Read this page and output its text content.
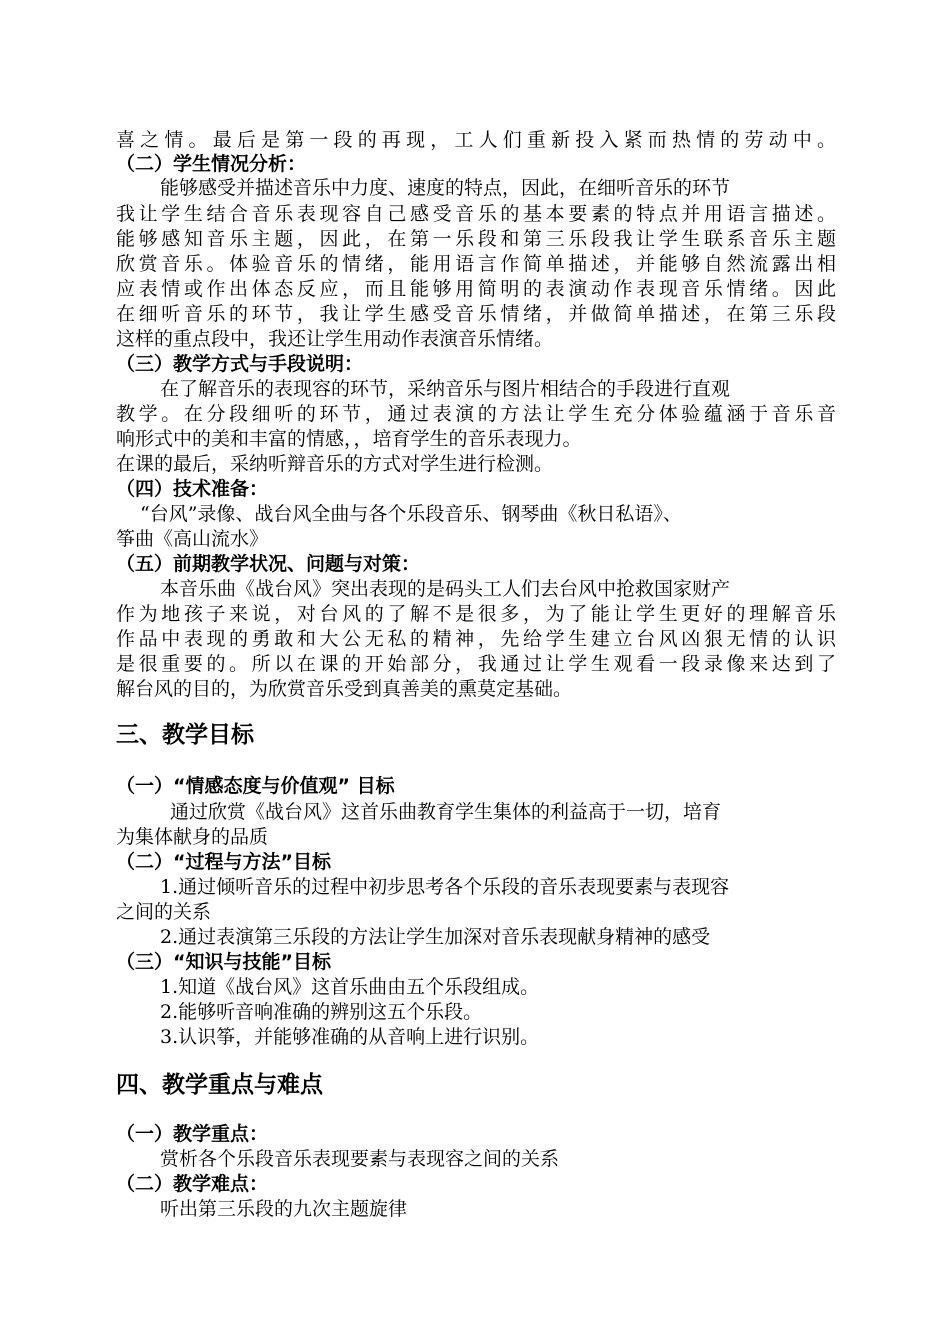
喜之情。最后是第一段的再现，工人们重新投入紧而热情的劳动中。
（二）学生情况分析：
能够感受并描述音乐中力度、速度的特点，因此，在细听音乐的环节
我让学生结合音乐表现容自己感受音乐的基本要素的特点并用语言描述。
能够感知音乐主题，因此，在第一乐段和第三乐段我让学生联系音乐主题
欣赏音乐。体验音乐的情绪，能用语言作简单描述，并能够自然流露出相
应表情或作出体态反应，而且能够用简明的表演动作表现音乐情绪。因此
在细听音乐的环节，我让学生感受音乐情绪，并做简单描述，在第三乐段
这样的重点段中，我还让学生用动作表演音乐情绪。
（三）教学方式与手段说明：
在了解音乐的表现容的环节，采纳音乐与图片相结合的手段进行直观
教学。在分段细听的环节，通过表演的方法让学生充分体验蕴涵于音乐音
响形式中的美和丰富的情感，，培育学生的音乐表现力。
在课的最后，采纳听辩音乐的方式对学生进行检测。
（四）技术准备：
“台风”录像、战台风全曲与各个乐段音乐、钢琴曲《秋日私语》、
筝曲《高山流水》
（五）前期教学状况、问题与对策：
本音乐曲《战台风》突出表现的是码头工人们去台风中抢救国家财产
作为地孩子来说，对台风的了解不是很多，为了能让学生更好的理解音乐
作品中表现的勇敢和大公无私的精神，先给学生建立台风凶狠无情的认识
是很重要的。所以在课的开始部分，我通过让学生观看一段录像来达到了
解台风的目的，为欣赏音乐受到真善美的熏莫定基础。
三、教学目标
（一）“情感态度与价值观” 目标
通过欣赏《战台风》这首乐曲教育学生集体的利益高于一切，培育
为集体献身的品质
（二）“过程与方法”目标
1.通过倾听音乐的过程中初步思考各个乐段的音乐表现要素与表现容
之间的关系
2.通过表演第三乐段的方法让学生加深对音乐表现献身精神的感受
（三）“知识与技能”目标
1.知道《战台风》这首乐曲由五个乐段组成。
2.能够听音响准确的辨别这五个乐段。
3.认识筝，并能够准确的从音响上进行识别。
四、教学重点与难点
（一）教学重点：
赏析各个乐段音乐表现要素与表现容之间的关系
（二）教学难点：
听出第三乐段的九次主题旋律
